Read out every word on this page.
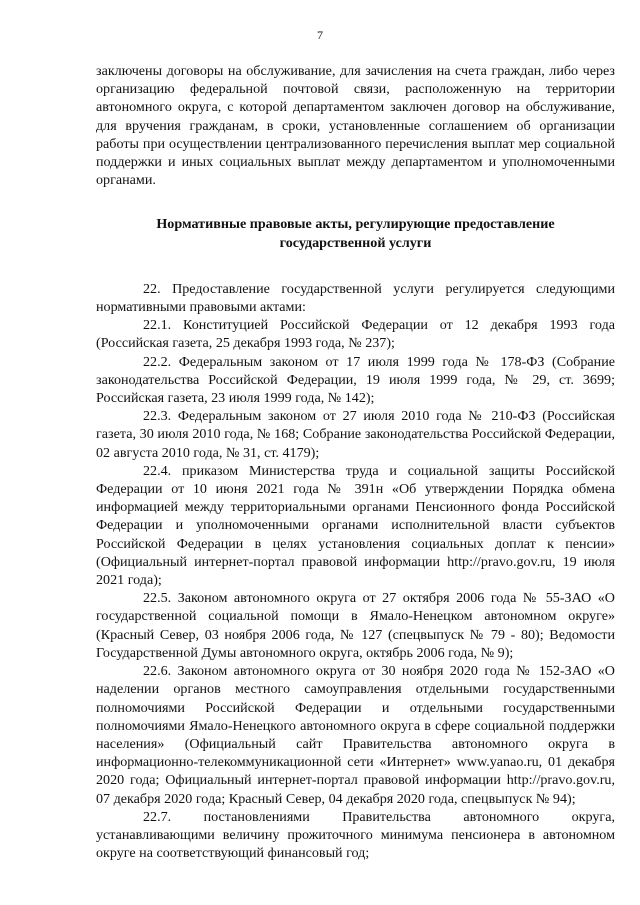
7

заключены договоры на обслуживание, для зачисления на счета граждан, либо через организацию федеральной почтовой связи, расположенную на территории автономного округа, с которой департаментом заключен договор на обслуживание, для вручения гражданам, в сроки, установленные соглашением об организации работы при осуществлении централизованного перечисления выплат мер социальной поддержки и иных социальных выплат между департаментом и уполномоченными органами.

Нормативные правовые акты, регулирующие предоставление государственной услуги

22. Предоставление государственной услуги регулируется следующими нормативными правовыми актами:

22.1. Конституцией Российской Федерации от 12 декабря 1993 года (Российская газета, 25 декабря 1993 года, № 237);

22.2. Федеральным законом от 17 июля 1999 года № 178-ФЗ (Собрание законодательства Российской Федерации, 19 июля 1999 года, № 29, ст. 3699; Российская газета, 23 июля 1999 года, № 142);

22.3. Федеральным законом от 27 июля 2010 года № 210-ФЗ (Российская газета, 30 июля 2010 года, № 168; Собрание законодательства Российской Федерации, 02 августа 2010 года, № 31, ст. 4179);

22.4. приказом Министерства труда и социальной защиты Российской Федерации от 10 июня 2021 года № 391н «Об утверждении Порядка обмена информацией между территориальными органами Пенсионного фонда Российской Федерации и уполномоченными органами исполнительной власти субъектов Российской Федерации в целях установления социальных доплат к пенсии» (Официальный интернет-портал правовой информации http://pravo.gov.ru, 19 июля 2021 года);

22.5. Законом автономного округа от 27 октября 2006 года № 55-ЗАО «О государственной социальной помощи в Ямало-Ненецком автономном округе» (Красный Север, 03 ноября 2006 года, № 127 (спецвыпуск № 79 - 80); Ведомости Государственной Думы автономного округа, октябрь 2006 года, № 9);

22.6. Законом автономного округа от 30 ноября 2020 года № 152-ЗАО «О наделении органов местного самоуправления отдельными государственными полномочиями Российской Федерации и отдельными государственными полномочиями Ямало-Ненецкого автономного округа в сфере социальной поддержки населения» (Официальный сайт Правительства автономного округа в информационно-телекоммуникационной сети «Интернет» www.yanao.ru, 01 декабря 2020 года; Официальный интернет-портал правовой информации http://pravo.gov.ru, 07 декабря 2020 года; Красный Север, 04 декабря 2020 года, спецвыпуск № 94);

22.7. постановлениями Правительства автономного округа, устанавливающими величину прожиточного минимума пенсионера в автономном округе на соответствующий финансовый год;
